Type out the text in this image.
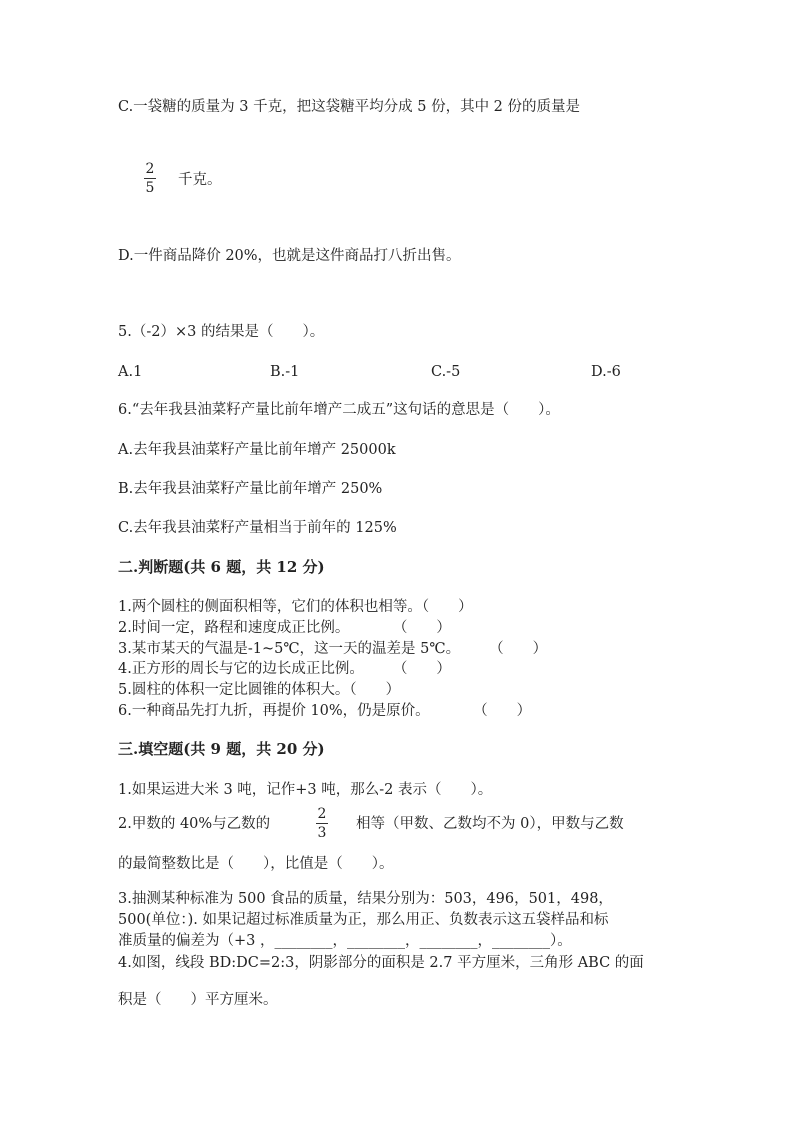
C.一袋糖的质量为 3 千克，把这袋糖平均分成 5 份，其中 2 份的质量是
2
5 千克。
D.一件商品降价 20%，也就是这件商品打八折出售。
5.（-2）×3 的结果是（　　）。
A.1	B.-1	C.-5	D.-6
6.“去年我县油菜籽产量比前年增产二成五”这句话的意思是（　　）。
A.去年我县油菜籽产量比前年增产 25000k
B.去年我县油菜籽产量比前年增产 250%
C.去年我县油菜籽产量相当于前年的 125%
二.判断题(共 6 题，共 12 分)
1.两个圆柱的侧面积相等，它们的体积也相等。（　　）
2.时间一定，路程和速度成正比例。　　　　（　　）
3.某市某天的气温是-1~5℃，这一天的温差是 5℃。　　　（　　）
4.正方形的周长与它的边长成正比例。　　　（　　）
5.圆柱的体积一定比圆锥的体积大。（　　）
6.一种商品先打九折，再提价 10%，仍是原价。　　　　（　　）
三.填空题(共 9 题，共 20 分)
1.如果运进大米 3 吨，记作+3 吨，那么-2 表示（　　）。
2.甲数的 40%与乙数的
2
3
相等（甲数、乙数均不为 0），甲数与乙数
的最简整数比是（　　），比值是（　　）。
3.抽测某种标准为 500 食品的质量，结果分别为：503，496，501，498，
500(单位：). 如果记超过标准质量为正，那么用正、负数表示这五袋样品和标
准质量的偏差为（+3 ，________，________，________，________）。
4.如图，线段 BD:DC=2:3，阴影部分的面积是 2.7 平方厘米，三角形 ABC 的面
积是（　　）平方厘米。
